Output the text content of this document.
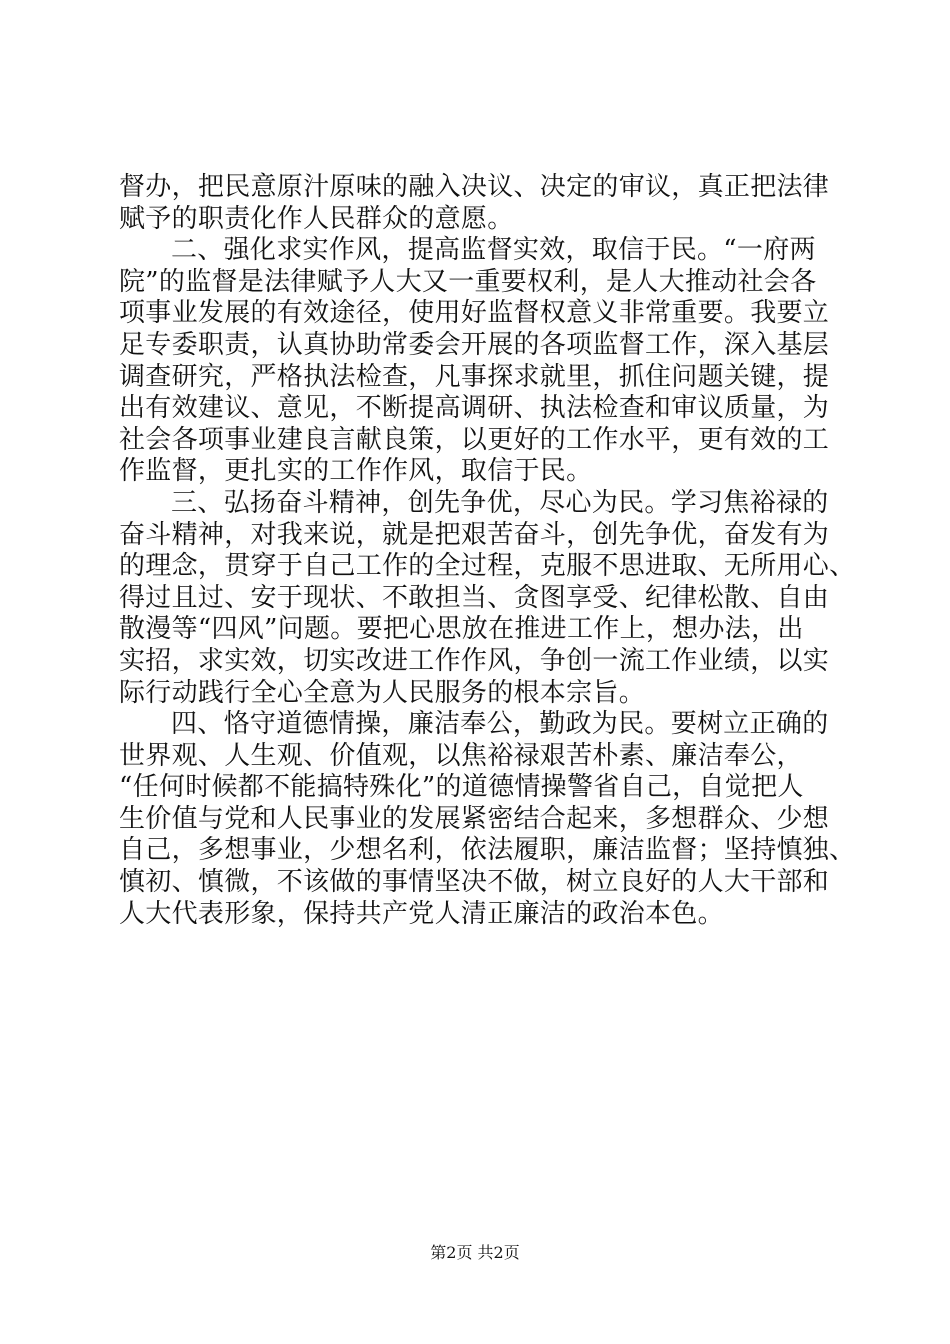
督办，把民意原汁原味的融入决议、决定的审议，真正把法律
赋予的职责化作人民群众的意愿。
二、强化求实作风，提高监督实效，取信于民。“一府两
院”的监督是法律赋予人大又一重要权利，是人大推动社会各
项事业发展的有效途径，使用好监督权意义非常重要。我要立
足专委职责，认真协助常委会开展的各项监督工作，深入基层
调查研究，严格执法检查，凡事探求就里，抓住问题关键，提
出有效建议、意见，不断提高调研、执法检查和审议质量，为
社会各项事业建良言献良策，以更好的工作水平，更有效的工
作监督，更扎实的工作作风，取信于民。
三、弘扬奋斗精神，创先争优，尽心为民。学习焦裕禄的
奋斗精神，对我来说，就是把艰苦奋斗，创先争优，奋发有为
的理念，贯穿于自己工作的全过程，克服不思进取、无所用心、
得过且过、安于现状、不敢担当、贪图享受、纪律松散、自由
散漫等“四风”问题。要把心思放在推进工作上，想办法，出
实招，求实效，切实改进工作作风，争创一流工作业绩，以实
际行动践行全心全意为人民服务的根本宗旨。
四、恪守道德情操，廉洁奉公，勤政为民。要树立正确的
世界观、人生观、价值观，以焦裕禄艰苦朴素、廉洁奉公，
“任何时候都不能搞特殊化”的道德情操警省自己，自觉把人
生价值与党和人民事业的发展紧密结合起来，多想群众、少想
自己，多想事业，少想名利，依法履职，廉洁监督；坚持慎独、
慎初、慎微，不该做的事情坚决不做，树立良好的人大干部和
人大代表形象，保持共产党人清正廉洁的政治本色。
第2页 共2页
